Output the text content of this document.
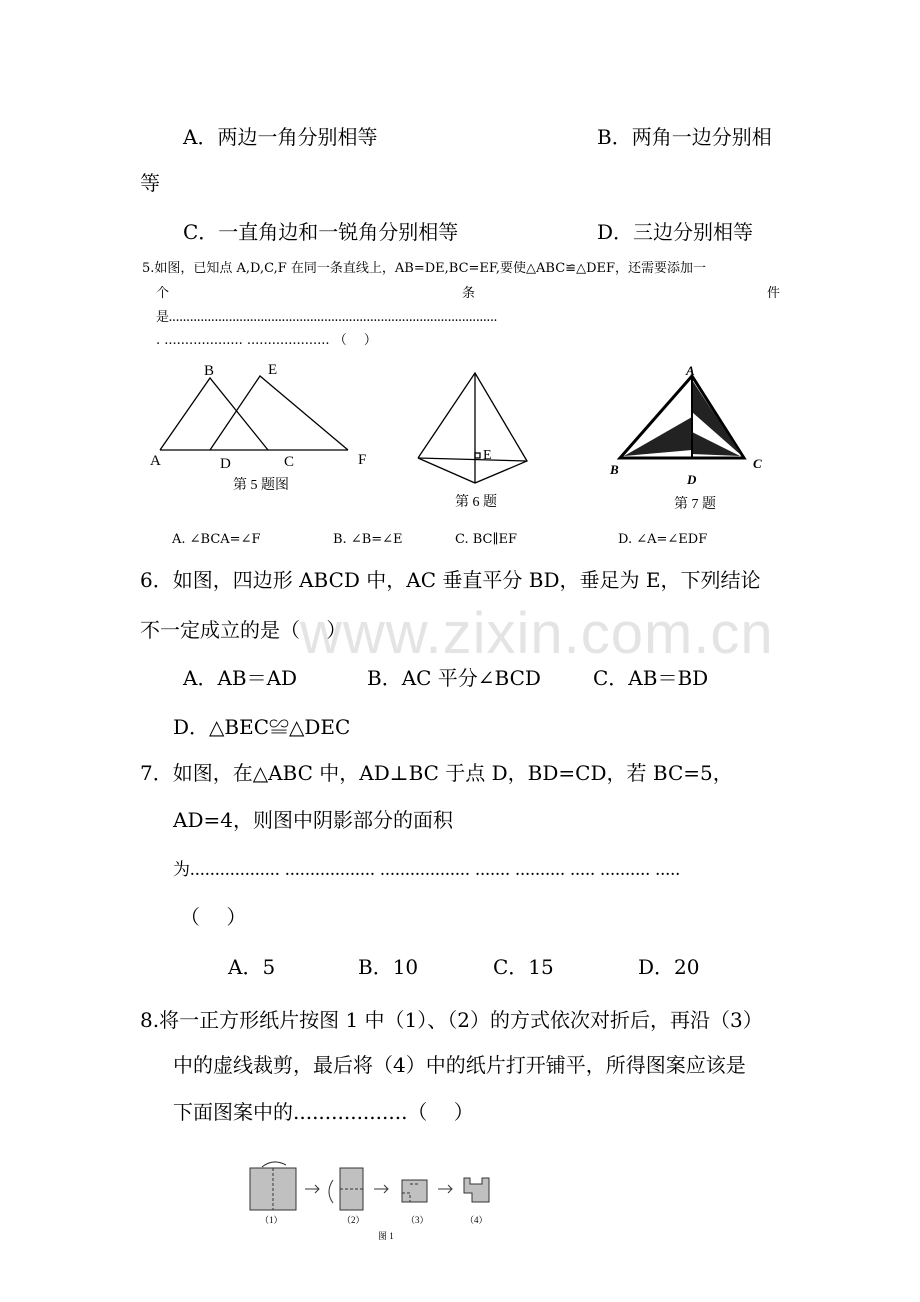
www.zixin.com.cn
A．两边一角分别相等	B．两角一边分别相
等
C．一直角边和一锐角分别相等	D．三边分别相等
5.如图，已知点 A,D,C,F 在同一条直线上，AB=DE,BC=EF,要使△ABC≌△DEF，还需要添加一
个	条	件
是.............................................................................................
. ................... .................... （　 ）
A
B
C
D
E
F
第 5 题图
E
第 6 题
A
B	C
D
第 7 题
A. ∠BCA=∠F	B. ∠B=∠E	C. BC∥EF	D. ∠A=∠EDF
6．如图，四边形 ABCD 中，AC 垂直平分 BD，垂足为 E，下列结论
不一定成立的是（　 ）
A．AB＝AD	B．AC 平分∠BCD	C．AB＝BD
D．△BEC≌△DEC
7．如图，在△ABC 中，AD⊥BC 于点 D，BD=CD，若 BC=5，
AD=4，则图中阴影部分的面积
为.................. .................. .................. ....... .......... ..... .......... .....
（　 ）
A．5	B．10	C．15	D．20
8.将一正方形纸片按图 1 中（1）、（2）的方式依次对折后，再沿（3）
中的虚线裁剪，最后将（4）中的纸片打开铺平，所得图案应该是
下面图案中的..................（　 ）
（1）	（2）	（3）	（4）
图 1
